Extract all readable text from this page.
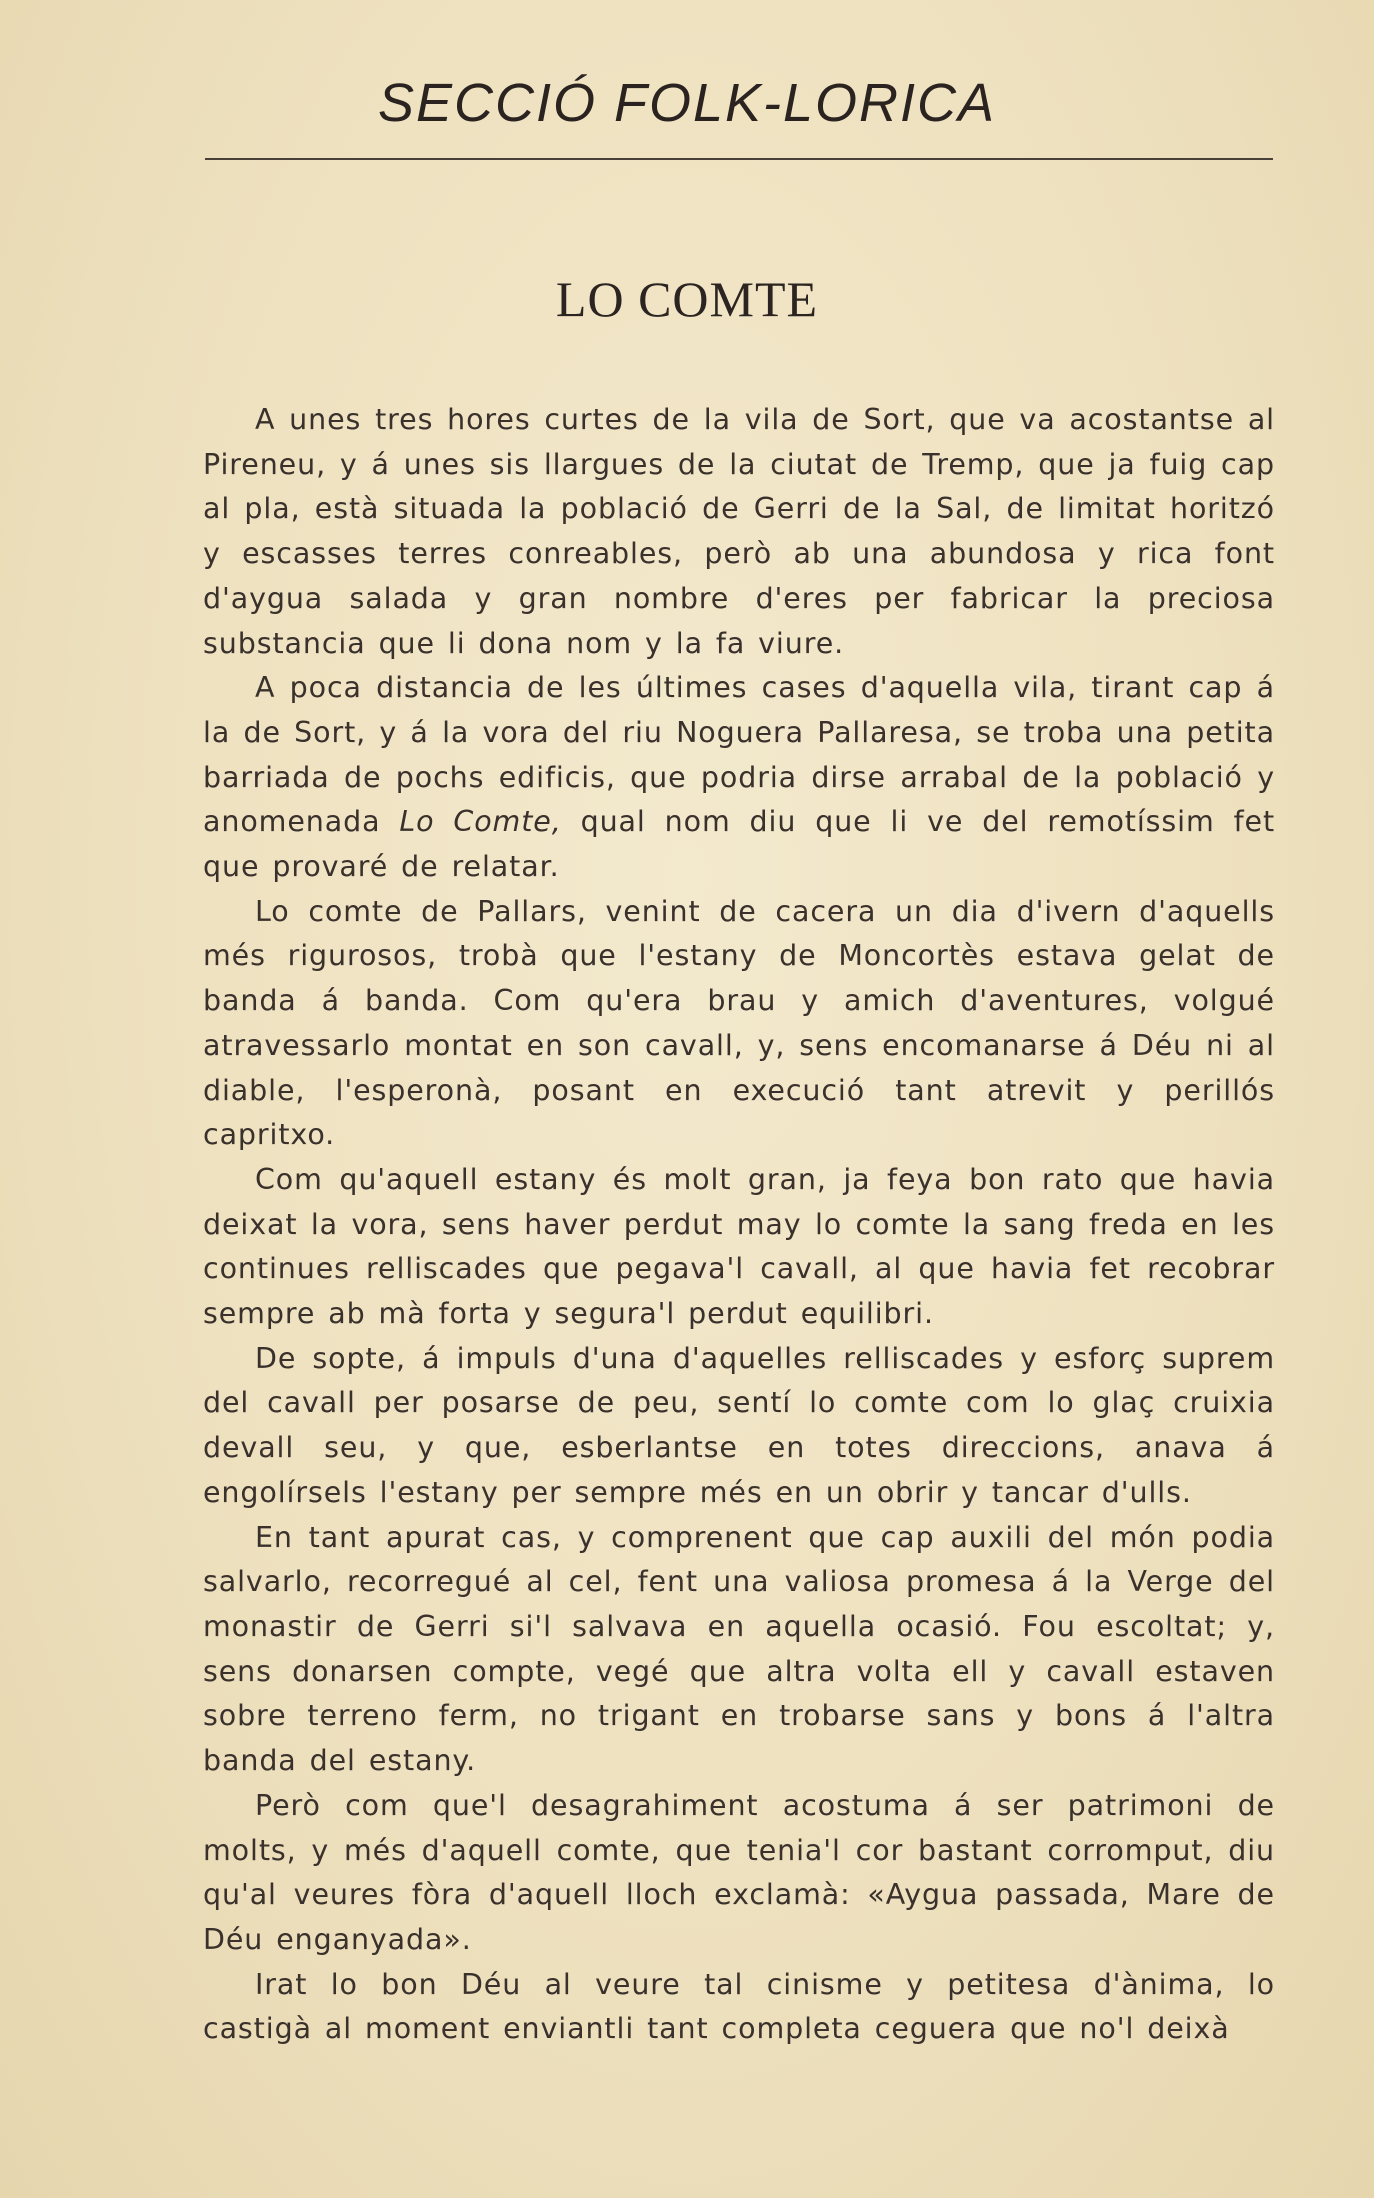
SECCIÓ FOLK-LORICA
LO COMTE

A unes tres hores curtes de la vila de Sort, que va acostantse al Pireneu, y á unes sis llargues de la ciutat de Tremp, que ja fuig cap al pla, està situada la població de Gerri de la Sal, de limitat horitzó y escasses terres conreables, però ab una abundosa y rica font d'aygua salada y gran nombre d'eres per fabricar la preciosa substancia que li dona nom y la fa viure.

A poca distancia de les últimes cases d'aquella vila, tirant cap á la de Sort, y á la vora del riu Noguera Pallaresa, se troba una petita barriada de pochs edificis, que podria dirse arrabal de la població y anomenada Lo Comte, qual nom diu que li ve del remotíssim fet que provaré de relatar.

Lo comte de Pallars, venint de cacera un dia d'ivern d'aquells més rigurosos, trobà que l'estany de Moncortès estava gelat de banda á banda. Com qu'era brau y amich d'aventures, volgué atravessarlo montat en son cavall, y, sens encomanarse á Déu ni al diable, l'esperonà, posant en execució tant atrevit y perillós capritxo.

Com qu'aquell estany és molt gran, ja feya bon rato que havia deixat la vora, sens haver perdut may lo comte la sang freda en les continues relliscades que pegava'l cavall, al que havia fet recobrar sempre ab mà forta y segura'l perdut equilibri.

De sopte, á impuls d'una d'aquelles relliscades y esforç suprem del cavall per posarse de peu, sentí lo comte com lo glaç cruixia devall seu, y que, esberlantse en totes direccions, anava á engolírsels l'estany per sempre més en un obrir y tancar d'ulls.

En tant apurat cas, y comprenent que cap auxili del món podia salvarlo, recorregué al cel, fent una valiosa promesa á la Verge del monastir de Gerri si'l salvava en aquella ocasió. Fou escoltat; y, sens donarsen compte, vegé que altra volta ell y cavall estaven sobre terreno ferm, no trigant en trobarse sans y bons á l'altra banda del estany.

Però com que'l desagrahiment acostuma á ser patrimoni de molts, y més d'aquell comte, que tenia'l cor bastant corromput, diu qu'al veures fòra d'aquell lloch exclamà: «Aygua passada, Mare de Déu enganyada».

Irat lo bon Déu al veure tal cinisme y petitesa d'ànima, lo castigà al moment enviantli tant completa ceguera que no'l deixà
